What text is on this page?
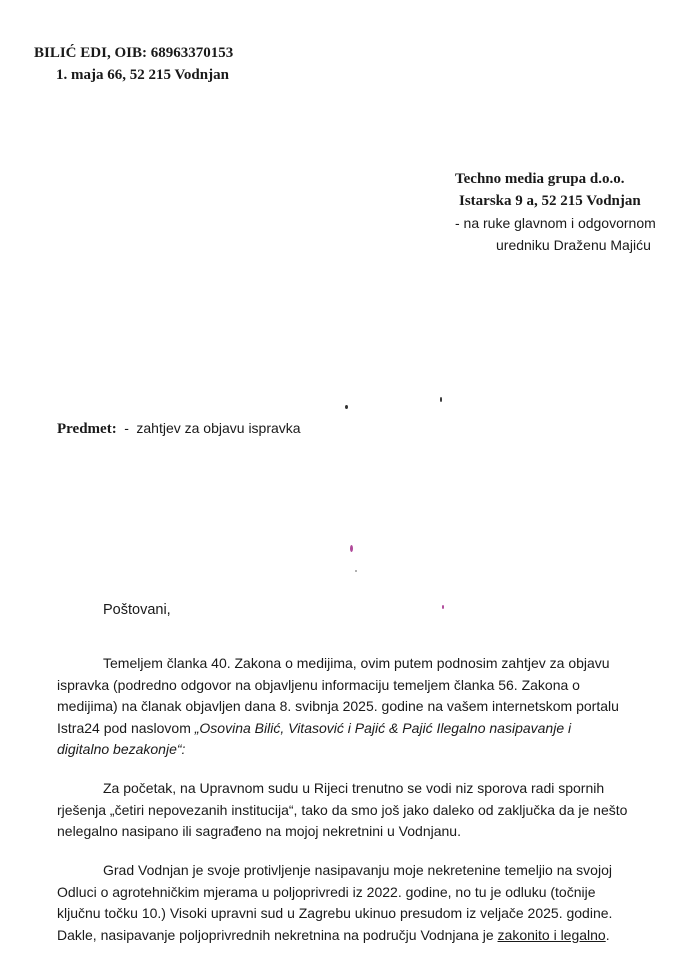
BILIĆ EDI, OIB: 68963370153
1. maja 66, 52 215 Vodnjan
Techno media grupa d.o.o.
Istarska 9 a, 52 215 Vodnjan
- na ruke glavnom i odgovornom
uredniku Draženu Majiću
Predmet: - zahtjev za objavu ispravka
Poštovani,
Temeljem članka 40. Zakona o medijima, ovim putem podnosim zahtjev za objavu
ispravka (podredno odgovor na objavljenu informaciju temeljem članka 56. Zakona o
medijima) na članak objavljen dana 8. svibnja 2025. godine na vašem internetskom portalu
Istra24 pod naslovom „Osovina Bilić, Vitasović i Pajić & Pajić Ilegalno nasipavanje i
digitalno bezakonje“:
Za početak, na Upravnom sudu u Rijeci trenutno se vodi niz sporova radi spornih
rješenja „četiri nepovezanih institucija“, tako da smo još jako daleko od zaključka da je nešto
nelegalno nasipano ili sagrađeno na mojoj nekretnini u Vodnjanu.
Grad Vodnjan je svoje protivljenje nasipavanju moje nekretenine temeljio na svojoj
Odluci o agrotehničkim mjerama u poljoprivredi iz 2022. godine, no tu je odluku (točnije
ključnu točku 10.) Visoki upravni sud u Zagrebu ukinuo presudom iz veljače 2025. godine.
Dakle, nasipavanje poljoprivrednih nekretnina na području Vodnjana je zakonito i legalno.
